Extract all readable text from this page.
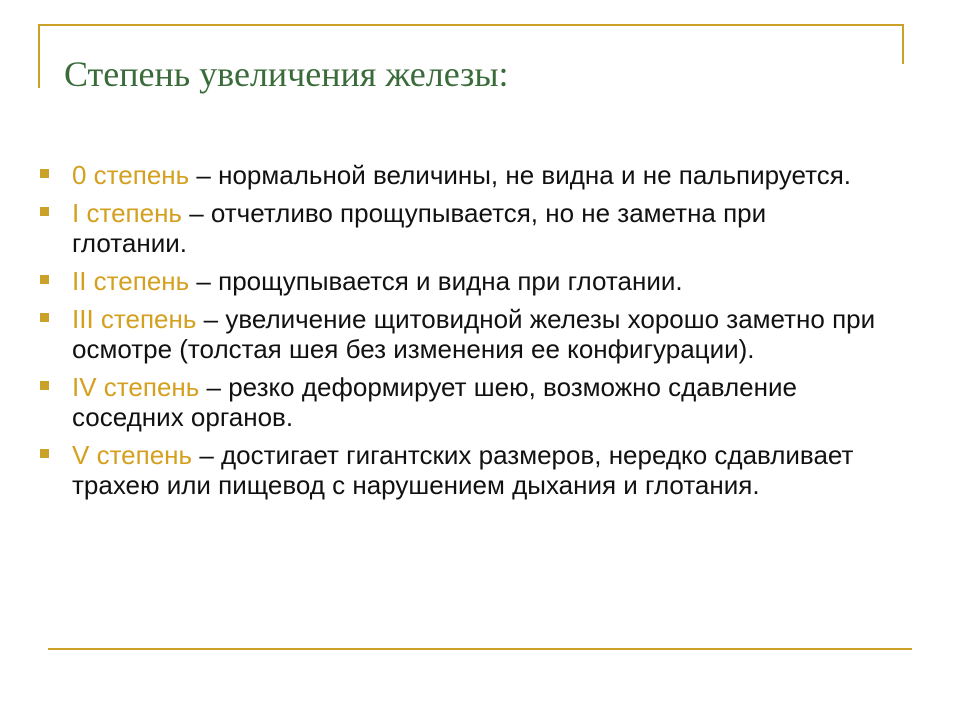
Степень увеличения железы:
0 степень – нормальной величины, не видна и не пальпируется.
I степень – отчетливо прощупывается, но не заметна при глотании.
II степень – прощупывается и видна при глотании.
III степень – увеличение щитовидной железы хорошо заметно при осмотре (толстая шея без изменения ее конфигурации).
IV степень – резко деформирует шею, возможно сдавление соседних органов.
V степень – достигает гигантских размеров, нередко сдавливает трахею или пищевод с нарушением дыхания и глотания.
